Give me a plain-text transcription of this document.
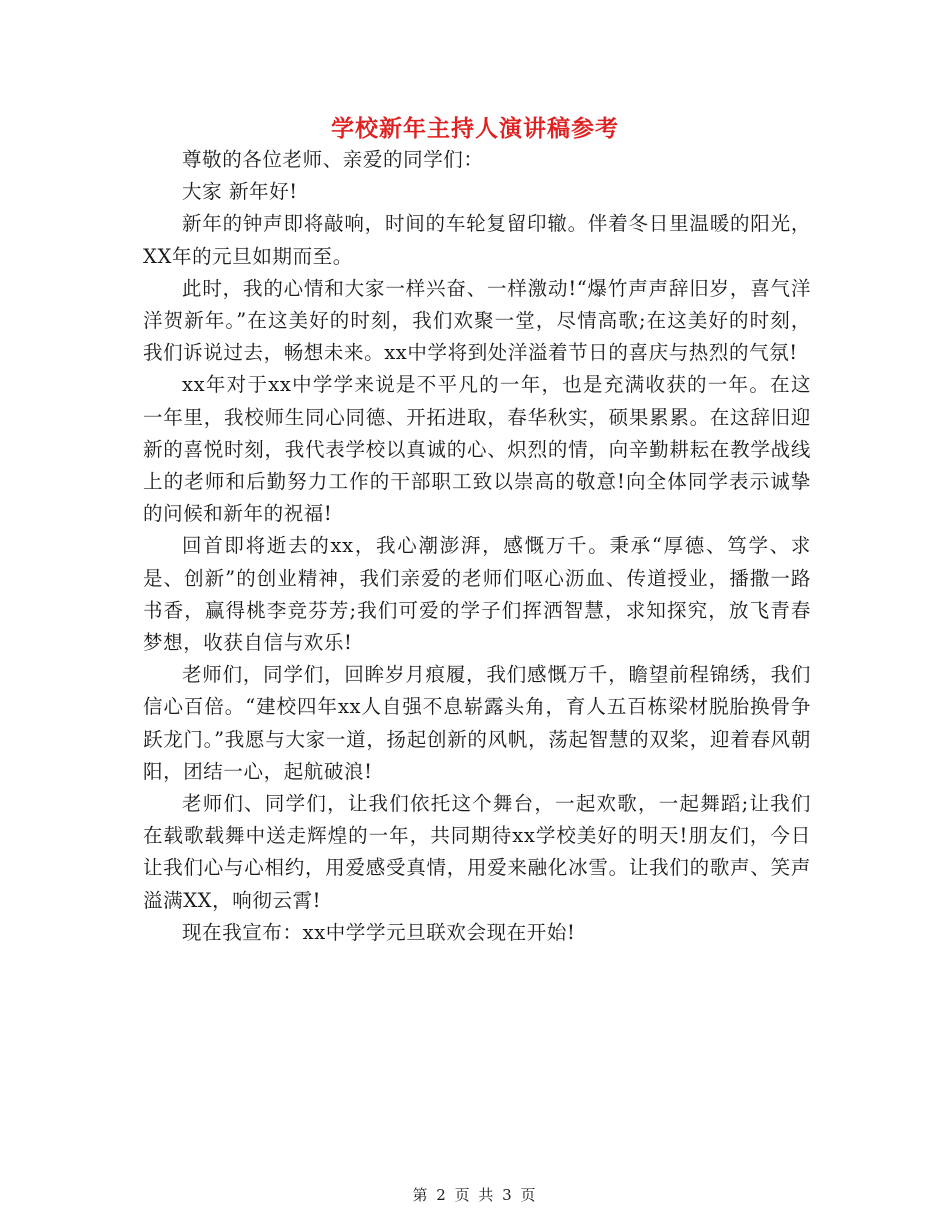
学校新年主持人演讲稿参考

尊敬的各位老师、亲爱的同学们：

大家 新年好!

新年的钟声即将敲响，时间的车轮复留印辙。伴着冬日里温暖的阳光，XX年的元旦如期而至。

此时，我的心情和大家一样兴奋、一样激动!“爆竹声声辞旧岁，喜气洋洋贺新年。”在这美好的时刻，我们欢聚一堂，尽情高歌;在这美好的时刻，我们诉说过去，畅想未来。xx中学将到处洋溢着节日的喜庆与热烈的气氛!

xx年对于xx中学学来说是不平凡的一年，也是充满收获的一年。在这一年里，我校师生同心同德、开拓进取，春华秋实，硕果累累。在这辞旧迎新的喜悦时刻，我代表学校以真诚的心、炽烈的情，向辛勤耕耘在教学战线上的老师和后勤努力工作的干部职工致以崇高的敬意!向全体同学表示诚挚的问候和新年的祝福!

回首即将逝去的xx，我心潮澎湃，感慨万千。秉承“厚德、笃学、求是、创新”的创业精神，我们亲爱的老师们呕心沥血、传道授业，播撒一路书香，赢得桃李竞芬芳;我们可爱的学子们挥洒智慧，求知探究，放飞青春梦想，收获自信与欢乐!

老师们，同学们，回眸岁月痕履，我们感慨万千，瞻望前程锦绣，我们信心百倍。“建校四年xx人自强不息崭露头角，育人五百栋梁材脱胎换骨争跃龙门。”我愿与大家一道，扬起创新的风帆，荡起智慧的双桨，迎着春风朝阳，团结一心，起航破浪!

老师们、同学们，让我们依托这个舞台，一起欢歌，一起舞蹈;让我们在载歌载舞中送走辉煌的一年，共同期待xx学校美好的明天!朋友们，今日让我们心与心相约，用爱感受真情，用爱来融化冰雪。让我们的歌声、笑声溢满XX，响彻云霄!

现在我宣布：xx中学学元旦联欢会现在开始!

第 2 页 共 3 页
